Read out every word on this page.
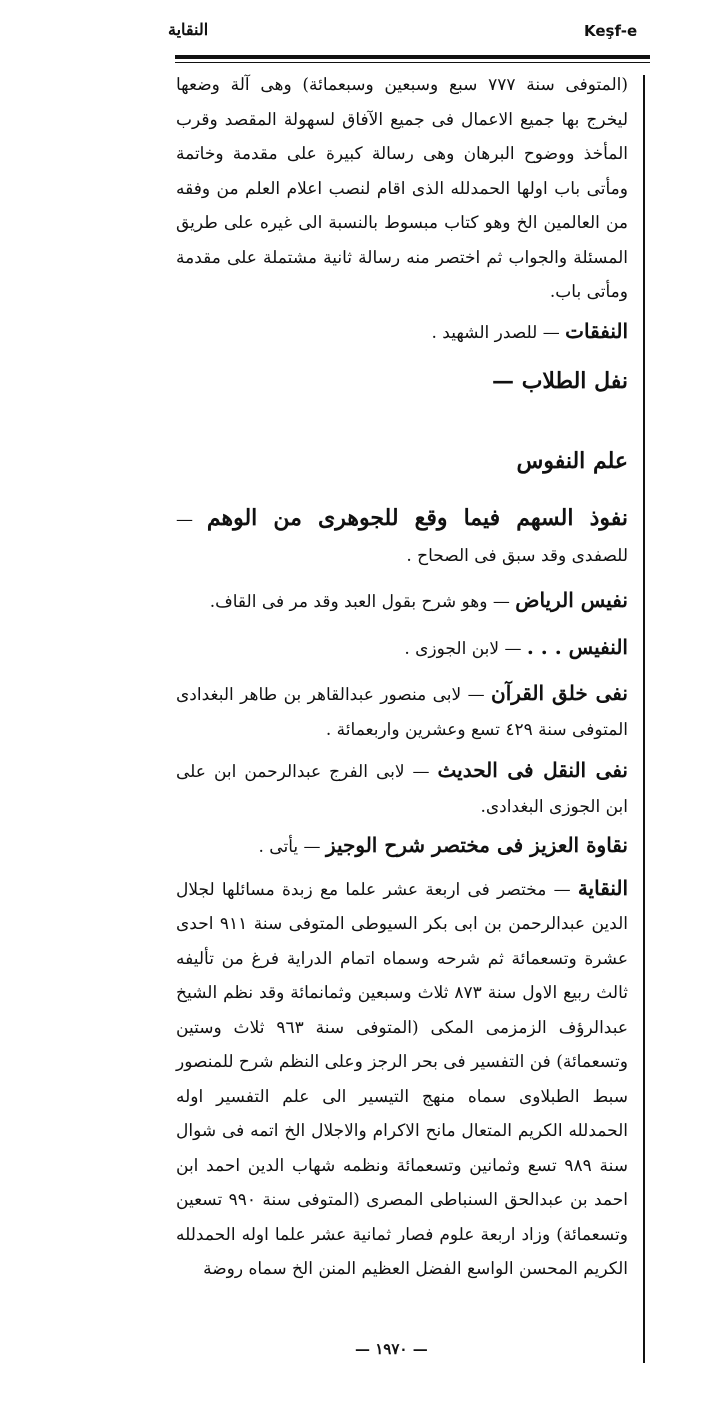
Keşf-e
النقاية

(المتوفى سنة ٧٧٧ سبع وسبعين وسبعمائة) وهى آلة وضعها ليخرج بها جميع الاعمال فى جميع الآفاق لسهولة المقصد وقرب المأخذ ووضوح البرهان وهى رسالة كبيرة على مقدمة وخاتمة ومأتى باب اولها الحمدلله الذى اقام لنصب اعلام العلم من وفقه من العالمين الخ وهو كتاب مبسوط بالنسبة الى غيره على طريق المسئلة والجواب ثم اختصر منه رسالة ثانية مشتملة على مقدمة ومأتى باب.

النفقات — للصدر الشهيد .
نفل الطلاب —
علم النفوس
نفوذ السهم فيما وقع للجوهرى من الوهم — للصفدى وقد سبق فى الصحاح .
نفيس الرياض — وهو شرح بقول العبد وقد مر فى القاف.
النفيس . . . — لابن الجوزى .
نفى خلق القرآن — لابى منصور عبدالقاهر بن طاهر البغدادى المتوفى سنة ٤٢٩ تسع وعشرين واربعمائة .
نفى النقل فى الحديث — لابى الفرج عبدالرحمن ابن على ابن الجوزى البغدادى.
نقاوة العزيز فى مختصر شرح الوجيز — يأتى .
النقاية — مختصر فى اربعة عشر علما مع زبدة مسائلها لجلال الدين عبدالرحمن بن ابى بكر السيوطى المتوفى سنة ٩١١ احدى عشرة وتسعمائة ثم شرحه وسماه اتمام الدراية فرغ من تأليفه ثالث ربيع الاول سنة ٨٧٣ ثلاث وسبعين وثمانمائة وقد نظم الشيخ عبدالرؤف الزمزمى المكى (المتوفى سنة ٩٦٣ ثلاث وستين وتسعمائة) فن التفسير فى بحر الرجز وعلى النظم شرح للمنصور سبط الطبلاوى سماه منهج التيسير الى علم التفسير اوله الحمدلله الكريم المتعال مانح الاكرام والاجلال الخ اتمه فى شوال سنة ٩٨٩ تسع وثمانين وتسعمائة ونظمه شهاب الدين احمد ابن احمد بن عبدالحق السنباطى المصرى (المتوفى سنة ٩٩٠ تسعين وتسعمائة) وزاد اربعة علوم فصار ثمانية عشر علما اوله الحمدلله الكريم المحسن الواسع الفضل العظيم المنن الخ سماه روضة
— ١٩٧٠ —
